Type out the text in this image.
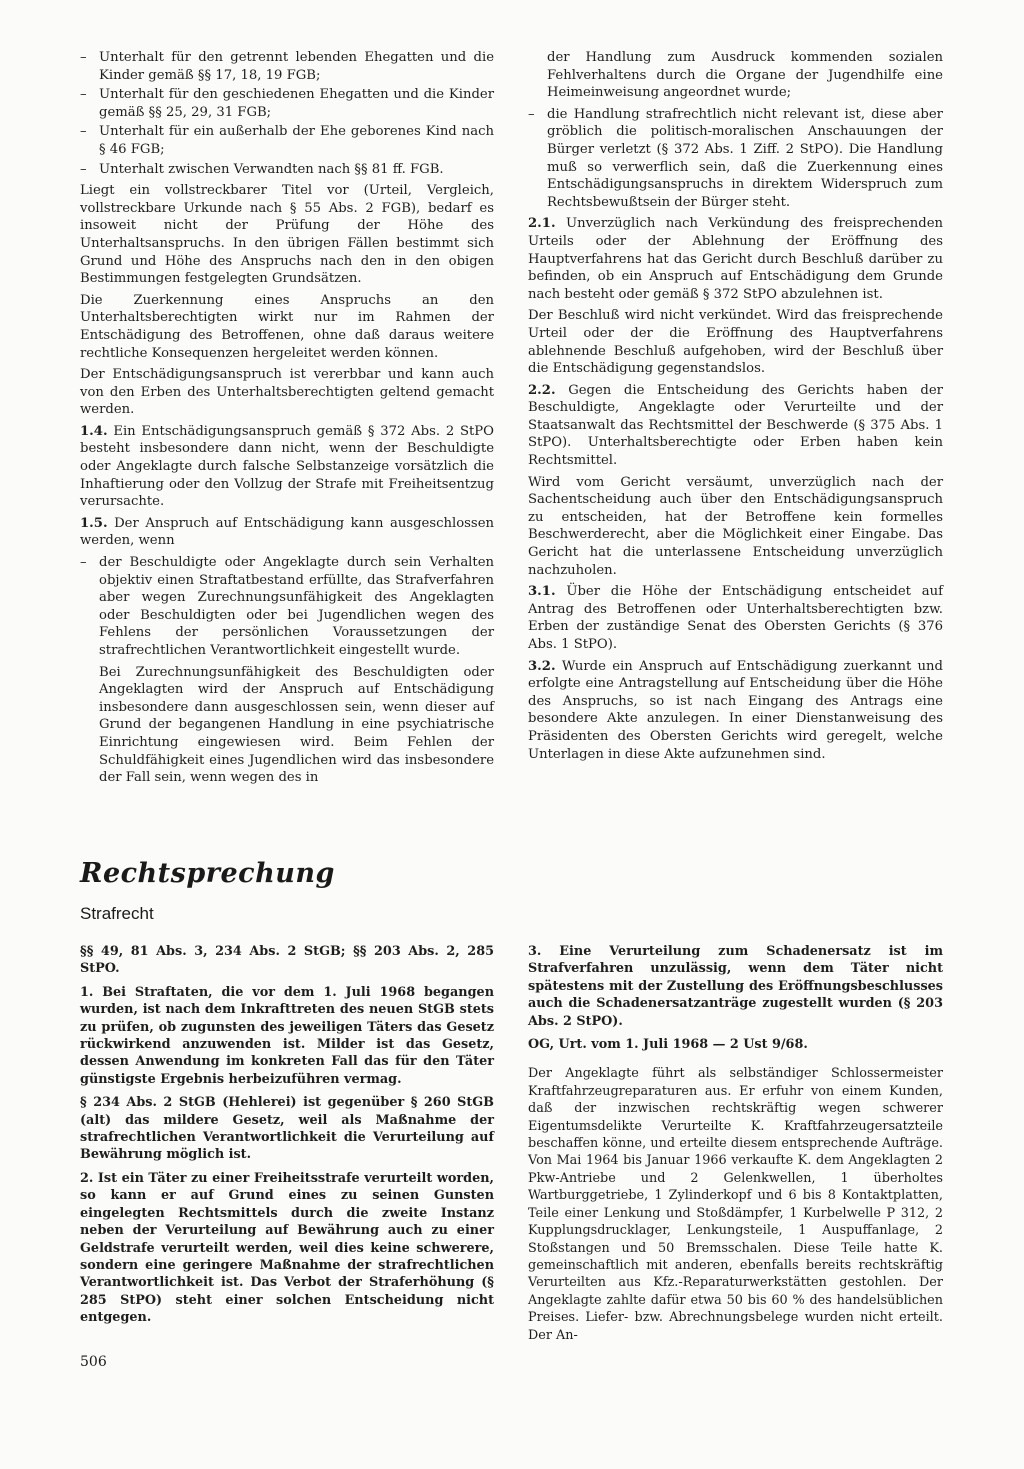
– Unterhalt für den getrennt lebenden Ehegatten und die Kinder gemäß §§ 17, 18, 19 FGB;
– Unterhalt für den geschiedenen Ehegatten und die Kinder gemäß §§ 25, 29, 31 FGB;
– Unterhalt für ein außerhalb der Ehe geborenes Kind nach § 46 FGB;
– Unterhalt zwischen Verwandten nach §§ 81 ff. FGB.

Liegt ein vollstreckbarer Titel vor (Urteil, Vergleich, vollstreckbare Urkunde nach § 55 Abs. 2 FGB), bedarf es insoweit nicht der Prüfung der Höhe des Unterhaltsanspruchs. In den übrigen Fällen bestimmt sich Grund und Höhe des Anspruchs nach den in den obigen Bestimmungen festgelegten Grundsätzen.

Die Zuerkennung eines Anspruchs an den Unterhaltsberechtigten wirkt nur im Rahmen der Entschädigung des Betroffenen, ohne daß daraus weitere rechtliche Konsequenzen hergeleitet werden können.

Der Entschädigungsanspruch ist vererbbar und kann auch von den Erben des Unterhaltsberechtigten geltend gemacht werden.

1.4. Ein Entschädigungsanspruch gemäß § 372 Abs. 2 StPO besteht insbesondere dann nicht, wenn der Beschuldigte oder Angeklagte durch falsche Selbstanzeige vorsätzlich die Inhaftierung oder den Vollzug der Strafe mit Freiheitsentzug verursachte.

1.5. Der Anspruch auf Entschädigung kann ausgeschlossen werden, wenn

– der Beschuldigte oder Angeklagte durch sein Verhalten objektiv einen Straftatbestand erfüllte, das Strafverfahren aber wegen Zurechnungsunfähigkeit des Angeklagten oder Beschuldigten oder bei Jugendlichen wegen des Fehlens der persönlichen Voraussetzungen der strafrechtlichen Verantwortlichkeit eingestellt wurde.

Bei Zurechnungsunfähigkeit des Beschuldigten oder Angeklagten wird der Anspruch auf Entschädigung insbesondere dann ausgeschlossen sein, wenn dieser auf Grund der begangenen Handlung in eine psychiatrische Einrichtung eingewiesen wird. Beim Fehlen der Schuldfähigkeit eines Jugendlichen wird das insbesondere der Fall sein, wenn wegen des in

der Handlung zum Ausdruck kommenden sozialen Fehlverhaltens durch die Organe der Jugendhilfe eine Heimeinweisung angeordnet wurde;

– die Handlung strafrechtlich nicht relevant ist, diese aber gröblich die politisch-moralischen Anschauungen der Bürger verletzt (§ 372 Abs. 1 Ziff. 2 StPO). Die Handlung muß so verwerflich sein, daß die Zuerkennung eines Entschädigungsanspruchs in direktem Widerspruch zum Rechtsbewußtsein der Bürger steht.

2.1. Unverzüglich nach Verkündung des freisprechenden Urteils oder der Ablehnung der Eröffnung des Hauptverfahrens hat das Gericht durch Beschluß darüber zu befinden, ob ein Anspruch auf Entschädigung dem Grunde nach besteht oder gemäß § 372 StPO abzulehnen ist.

Der Beschluß wird nicht verkündet. Wird das freisprechende Urteil oder der die Eröffnung des Hauptverfahrens ablehnende Beschluß aufgehoben, wird der Beschluß über die Entschädigung gegenstandslos.

2.2. Gegen die Entscheidung des Gerichts haben der Beschuldigte, Angeklagte oder Verurteilte und der Staatsanwalt das Rechtsmittel der Beschwerde (§ 375 Abs. 1 StPO). Unterhaltsberechtigte oder Erben haben kein Rechtsmittel.

Wird vom Gericht versäumt, unverzüglich nach der Sachentscheidung auch über den Entschädigungsanspruch zu entscheiden, hat der Betroffene kein formelles Beschwerderecht, aber die Möglichkeit einer Eingabe. Das Gericht hat die unterlassene Entscheidung unverzüglich nachzuholen.

3.1. Über die Höhe der Entschädigung entscheidet auf Antrag des Betroffenen oder Unterhaltsberechtigten bzw. Erben der zuständige Senat des Obersten Gerichts (§ 376 Abs. 1 StPO).

3.2. Wurde ein Anspruch auf Entschädigung zuerkannt und erfolgte eine Antragstellung auf Entscheidung über die Höhe des Anspruchs, so ist nach Eingang des Antrags eine besondere Akte anzulegen. In einer Dienstanweisung des Präsidenten des Obersten Gerichts wird geregelt, welche Unterlagen in diese Akte aufzunehmen sind.

Rechtsprechung
Strafrecht

§§ 49, 81 Abs. 3, 234 Abs. 2 StGB; §§ 203 Abs. 2, 285 StPO.

1. Bei Straftaten, die vor dem 1. Juli 1968 begangen wurden, ist nach dem Inkrafttreten des neuen StGB stets zu prüfen, ob zugunsten des jeweiligen Täters das Gesetz rückwirkend anzuwenden ist. Milder ist das Gesetz, dessen Anwendung im konkreten Fall das für den Täter günstigste Ergebnis herbeizuführen vermag.

§ 234 Abs. 2 StGB (Hehlerei) ist gegenüber § 260 StGB (alt) das mildere Gesetz, weil als Maßnahme der strafrechtlichen Verantwortlichkeit die Verurteilung auf Bewährung möglich ist.

2. Ist ein Täter zu einer Freiheitsstrafe verurteilt worden, so kann er auf Grund eines zu seinen Gunsten eingelegten Rechtsmittels durch die zweite Instanz neben der Verurteilung auf Bewährung auch zu einer Geldstrafe verurteilt werden, weil dies keine schwerere, sondern eine geringere Maßnahme der strafrechtlichen Verantwortlichkeit ist. Das Verbot der Straferhöhung (§ 285 StPO) steht einer solchen Entscheidung nicht entgegen.

3. Eine Verurteilung zum Schadenersatz ist im Strafverfahren unzulässig, wenn dem Täter nicht spätestens mit der Zustellung des Eröffnungsbeschlusses auch die Schadenersatzanträge zugestellt wurden (§ 203 Abs. 2 StPO).

OG, Urt. vom 1. Juli 1968 — 2 Ust 9/68.

Der Angeklagte führt als selbständiger Schlossermeister Kraftfahrzeugreparaturen aus. Er erfuhr von einem Kunden, daß der inzwischen rechtskräftig wegen schwerer Eigentumsdelikte Verurteilte K. Kraftfahrzeugersatzteile beschaffen könne, und erteilte diesem entsprechende Aufträge. Von Mai 1964 bis Januar 1966 verkaufte K. dem Angeklagten 2 Pkw-Antriebe und 2 Gelenkwellen, 1 überholtes Wartburggetriebe, 1 Zylinderkopf und 6 bis 8 Kontaktplatten, Teile einer Lenkung und Stoßdämpfer, 1 Kurbelwelle P 312, 2 Kupplungsdrucklager, Lenkungsteile, 1 Auspuffanlage, 2 Stoßstangen und 50 Bremsschalen. Diese Teile hatte K. gemeinschaftlich mit anderen, ebenfalls bereits rechtskräftig Verurteilten aus Kfz.-Reparaturwerkstätten gestohlen. Der Angeklagte zahlte dafür etwa 50 bis 60 % des handelsüblichen Preises. Liefer- bzw. Abrechnungsbelege wurden nicht erteilt. Der An-

506
